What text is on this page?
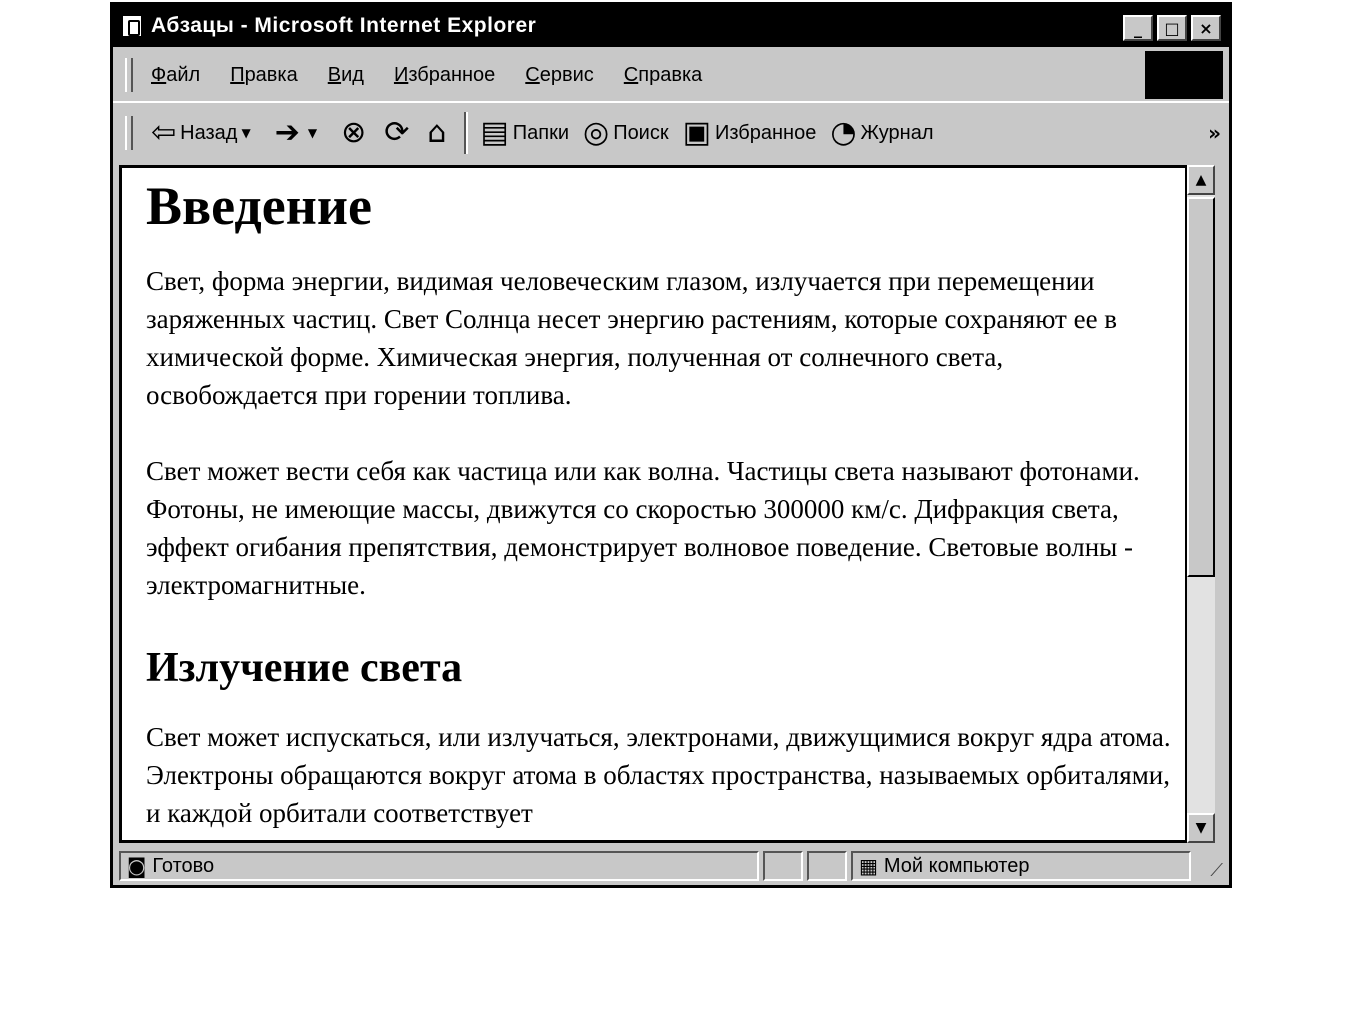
Абзацы - Microsoft Internet Explorer	_ □ ×
Файл Правка Вид Избранное Сервис Справка
⇦ Назад ▼ ➔ ▼ ⊗ ⟳ ⌂ ▤ Папки ◎ Поиск ▣ Избранное ◔ Журнал	»
Введение

Свет, форма энергии, видимая человеческим глазом, излучается при перемещении заряженных частиц. Свет Солнца несет энергию растениям, которые сохраняют ее в химической форме. Химическая энергия, полученная от солнечного света, освобождается при горении топлива.

Свет может вести себя как частица или как волна. Частицы света называют фотонами. Фотоны, не имеющие массы, движутся со скоростью 300000 км/с. Дифракция света, эффект огибания препятствия, демонстрирует волновое поведение. Световые волны - электромагнитные.

Излучение света

Свет может испускаться, или излучаться, электронами, движущимися вокруг ядра атома. Электроны обращаются вокруг атома в областях пространства, называемых орбиталями, и каждой орбитали соответствует

▲
▼
◙ Готово	▦ Мой компьютер	⟋
